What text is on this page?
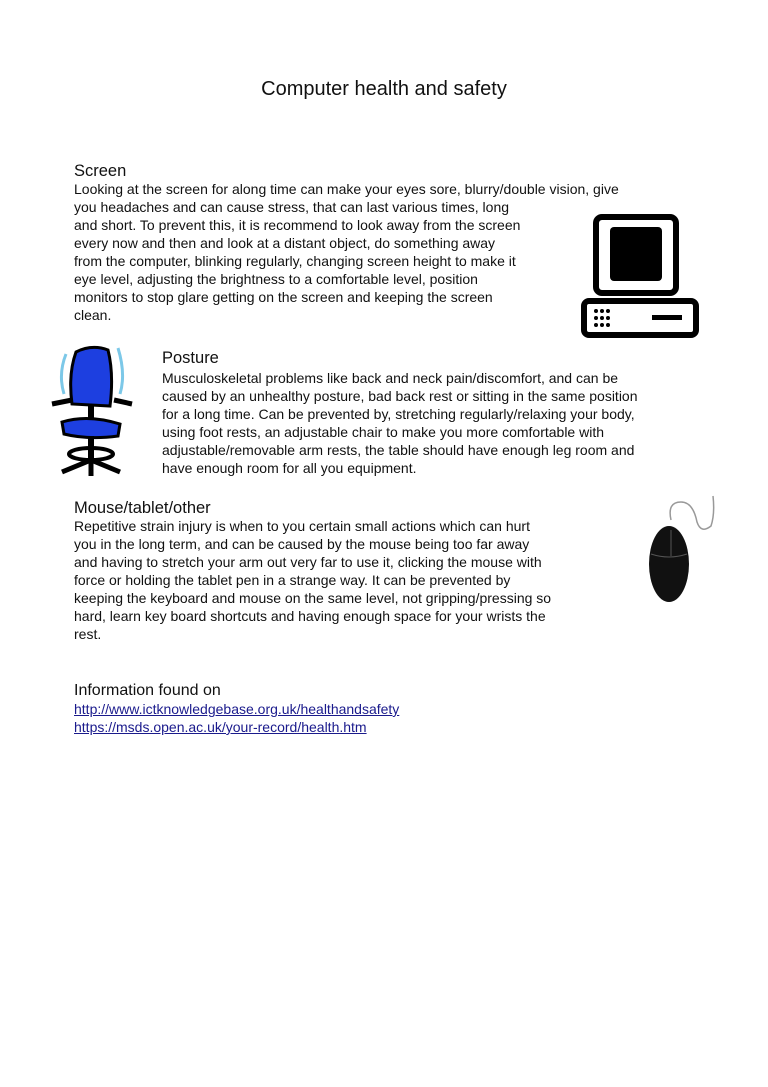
Computer health and safety
Screen
Looking at the screen for along time can make your eyes sore, blurry/double vision, give
you headaches and can cause stress, that can last various times, long
and short. To prevent this, it is recommend to look away from the screen
every now and then and look at a distant object, do something away
from the computer, blinking regularly, changing screen height to make it
eye level, adjusting the brightness to a comfortable level, position
monitors to stop glare getting on the screen and keeping the screen
clean.
Posture
Musculoskeletal problems like back and neck pain/discomfort, and can be
caused by an unhealthy posture, bad back rest or sitting in the same position
for a long time. Can be prevented by, stretching regularly/relaxing your body,
using foot rests, an adjustable chair to make you more comfortable with
adjustable/removable arm rests, the table should have enough leg room and
have enough room for all you equipment.
Mouse/tablet/other
Repetitive strain injury is when to you certain small actions which can hurt
you in the long term, and can be caused by the mouse being too far away
and having to stretch your arm out very far to use it, clicking the mouse with
force or holding the tablet pen in a strange way. It can be prevented by
keeping the keyboard and mouse on the same level, not gripping/pressing so
hard, learn key board shortcuts and having enough space for your wrists the
rest.
Information found on
http://www.ictknowledgebase.org.uk/healthandsafety
https://msds.open.ac.uk/your-record/health.htm
